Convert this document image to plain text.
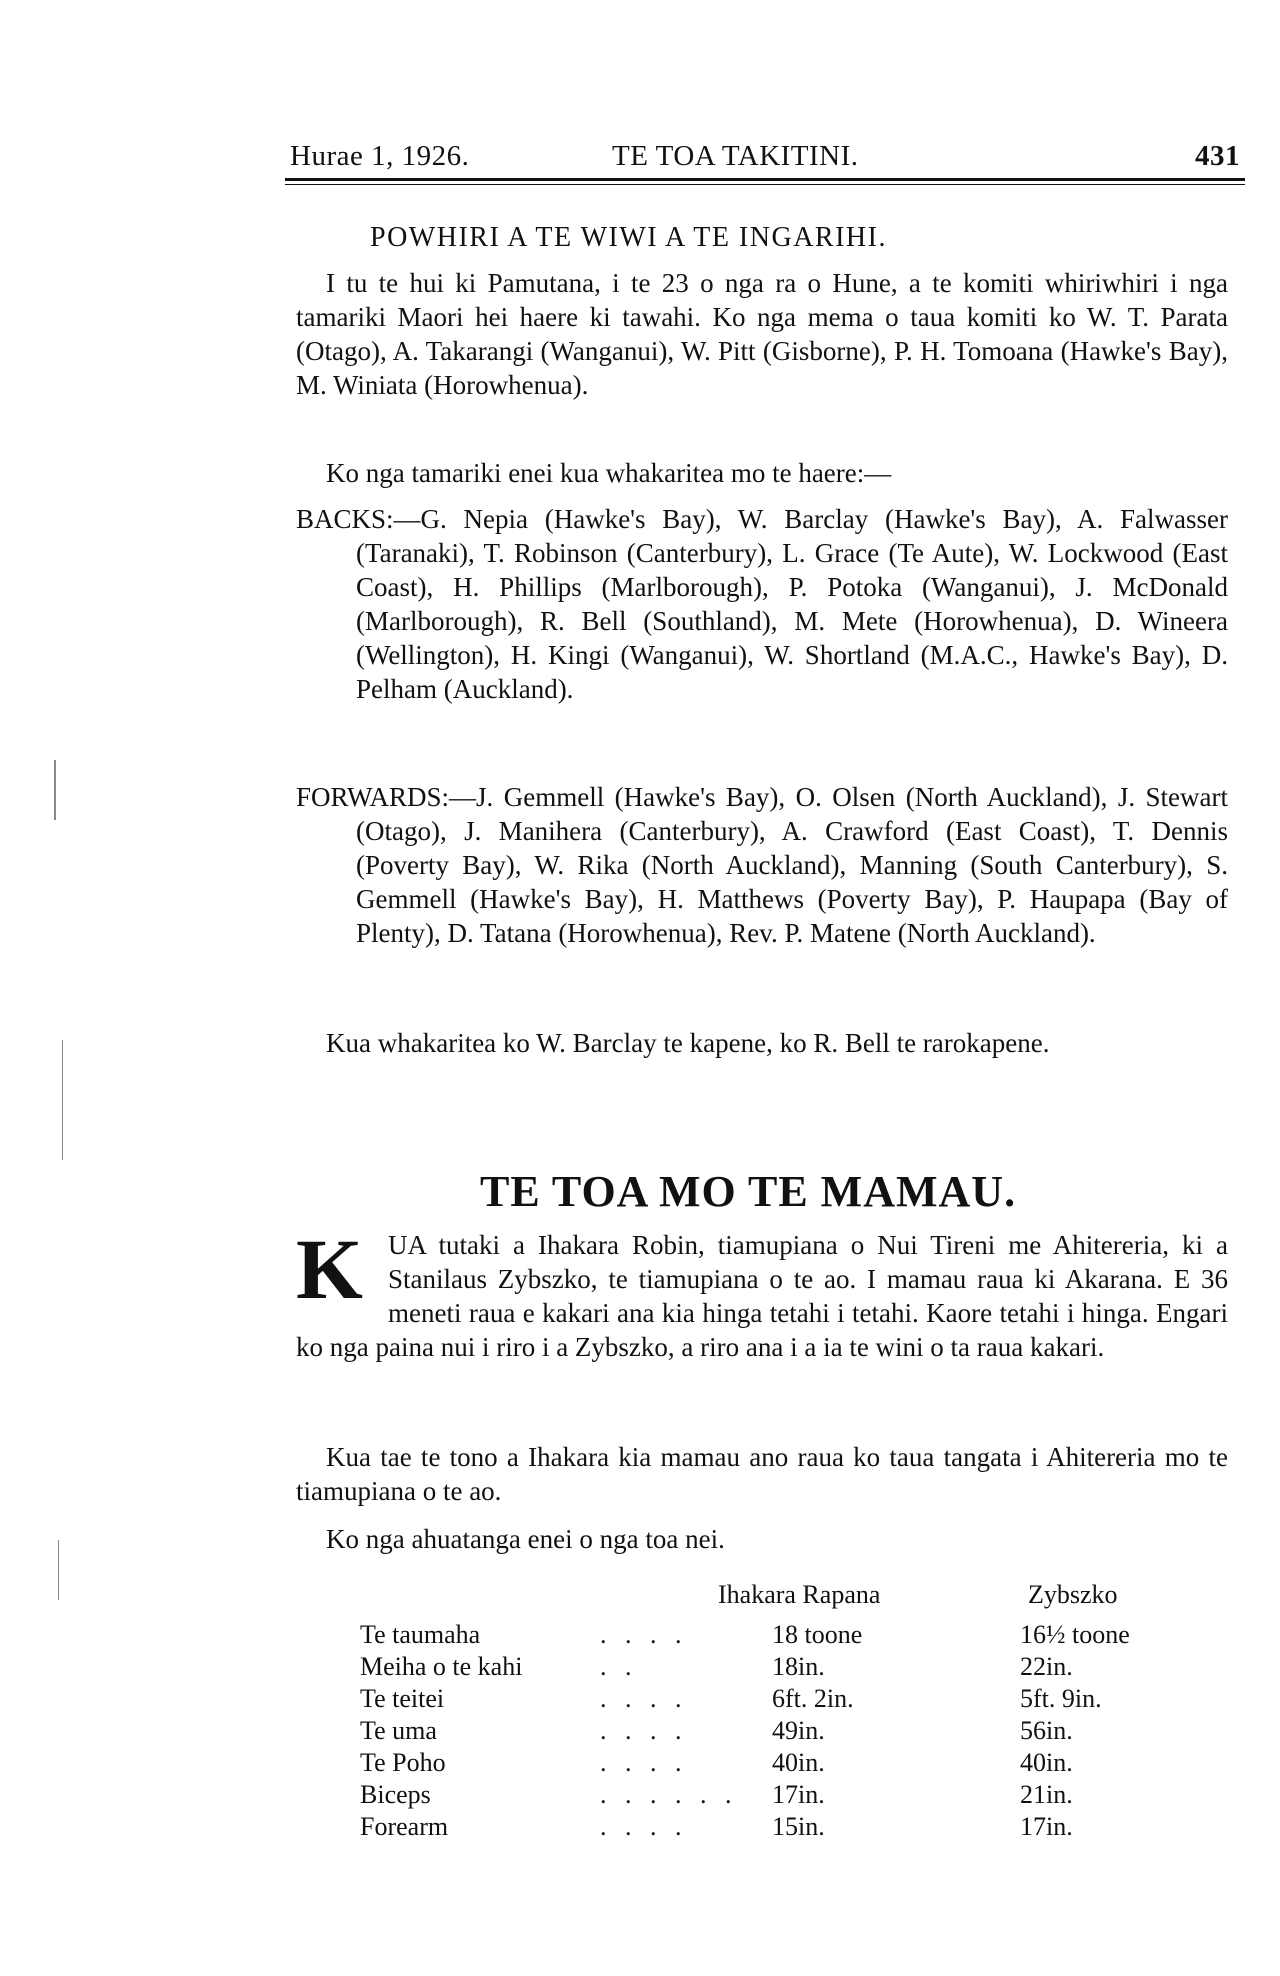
Hurae 1, 1926.	TE TOA TAKITINI.	431
POWHIRI A TE WIWI A TE INGARIHI.
I tu te hui ki Pamutana, i te 23 o nga ra o Hune, a te komiti whiriwhiri i nga tamariki Maori hei haere ki tawahi. Ko nga mema o taua komiti ko W. T. Parata (Otago), A. Takarangi (Wanganui), W. Pitt (Gisborne), P. H. Tomoana (Hawke's Bay), M. Winiata (Horowhenua).
Ko nga tamariki enei kua whakaritea mo te haere:—
BACKS:—G. Nepia (Hawke's Bay), W. Barclay (Hawke's Bay), A. Falwasser (Taranaki), T. Robinson (Canterbury), L. Grace (Te Aute), W. Lockwood (East Coast), H. Phillips (Marlborough), P. Potoka (Wanganui), J. McDonald (Marlborough), R. Bell (Southland), M. Mete (Horowhenua), D. Wineera (Wellington), H. Kingi (Wanganui), W. Shortland (M.A.C., Hawke's Bay), D. Pelham (Auckland).
FORWARDS:—J. Gemmell (Hawke's Bay), O. Olsen (North Auckland), J. Stewart (Otago), J. Manihera (Canterbury), A. Crawford (East Coast), T. Dennis (Poverty Bay), W. Rika (North Auckland), Manning (South Canterbury), S. Gemmell (Hawke's Bay), H. Matthews (Poverty Bay), P. Haupapa (Bay of Plenty), D. Tatana (Horowhenua), Rev. P. Matene (North Auckland).
Kua whakaritea ko W. Barclay te kapene, ko R. Bell te rarokapene.
TE TOA MO TE MAMAU.
K UA tutaki a Ihakara Robin, tiamupiana o Nui Tireni me Ahitereria, ki a Stanilaus Zybszko, te tiamupiana o te ao. I mamau raua ki Akarana. E 36 meneti raua e kakari ana kia hinga tetahi i tetahi. Kaore tetahi i hinga. Engari ko nga paina nui i riro i a Zybszko, a riro ana i a ia te wini o ta raua kakari.
Kua tae te tono a Ihakara kia mamau ano raua ko taua tangata i Ahitereria mo te tiamupiana o te ao.
Ko nga ahuatanga enei o nga toa nei.
Ihakara Rapana	Zybszko
Te taumaha	. . . .	18 toone	16½ toone
Meiha o te kahi	. .	18in.	22in.
Te teitei	. . . .	6ft. 2in.	5ft. 9in.
Te uma	. . . .	49in.	56in.
Te Poho	. . . .	40in.	40in.
Biceps	. . . . . . 17in.	21in.
Forearm	. . . .	15in.	17in.
